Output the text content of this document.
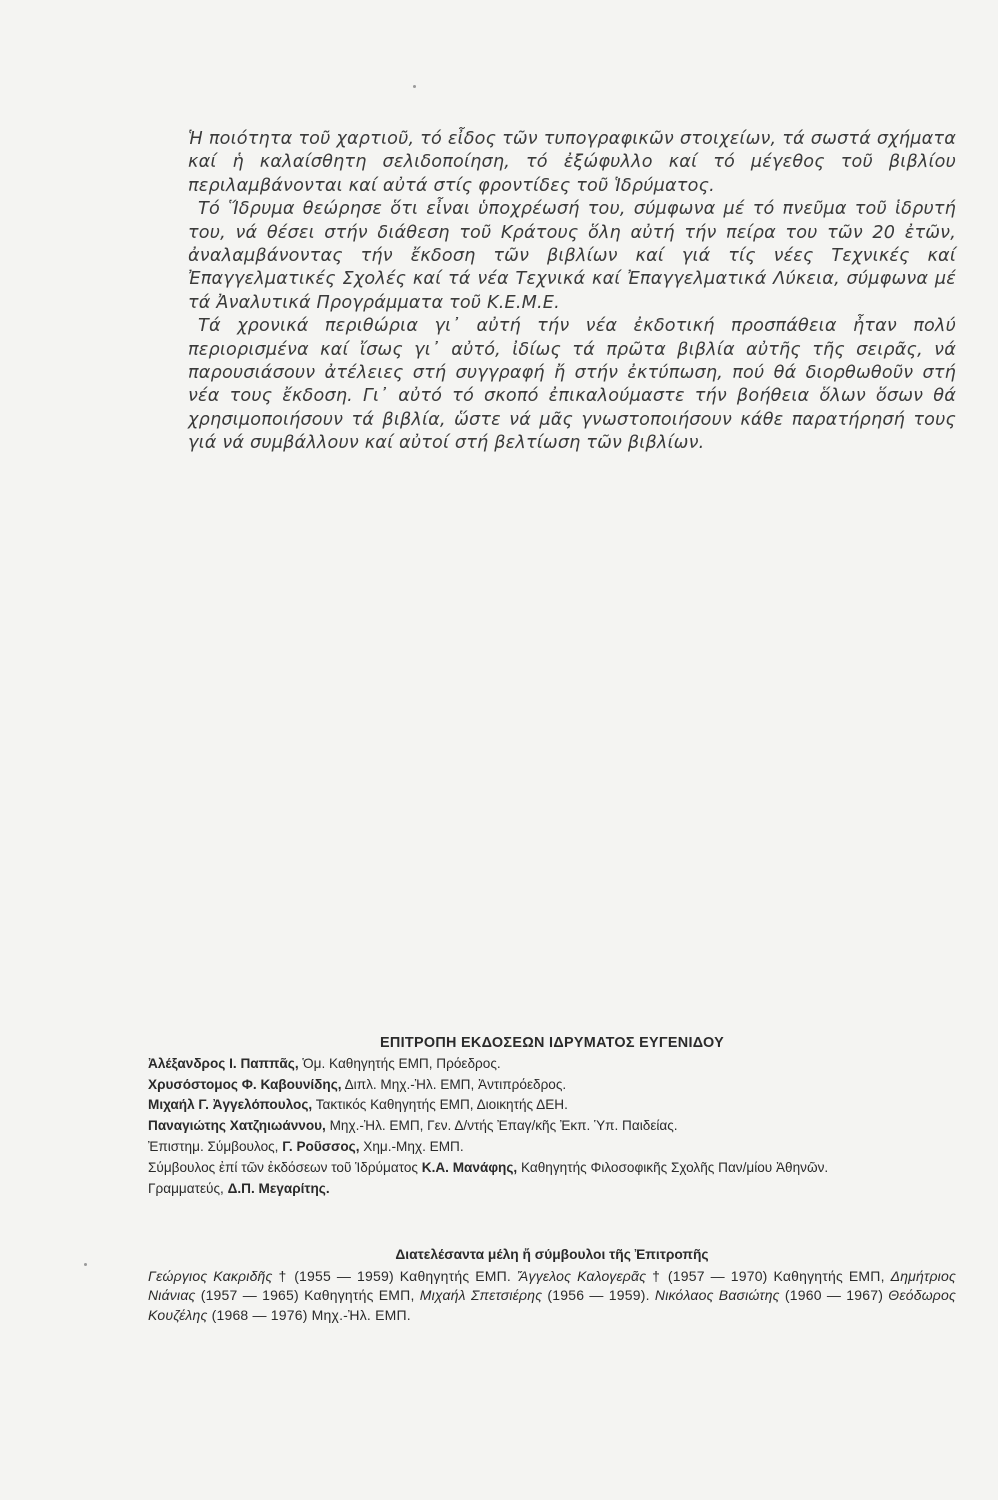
Ἡ ποιότητα τοῦ χαρτιοῦ, τό εἶδος τῶν τυπογραφικῶν στοιχείων, τά σωστά σχήματα καί ἡ καλαίσθητη σελιδοποίηση, τό ἐξώφυλλο καί τό μέγεθος τοῦ βιβλίου περιλαμβάνονται καί αὐτά στίς φροντίδες τοῦ Ἱδρύματος.

Τό Ἵδρυμα θεώρησε ὅτι εἶναι ὑποχρέωσή του, σύμφωνα μέ τό πνεῦμα τοῦ ἱδρυτή του, νά θέσει στήν διάθεση τοῦ Κράτους ὅλη αὐτή τήν πείρα του τῶν 20 ἐτῶν, ἀναλαμβάνοντας τήν ἔκδοση τῶν βιβλίων καί γιά τίς νέες Τεχνικές καί Ἐπαγγελματικές Σχολές καί τά νέα Τεχνικά καί Ἐπαγγελματικά Λύκεια, σύμφωνα μέ τά Ἀναλυτικά Προγράμματα τοῦ Κ.Ε.Μ.Ε.

Τά χρονικά περιθώρια γι᾿ αὐτή τήν νέα ἐκδοτική προσπάθεια ἦταν πολύ περιορισμένα καί ἴσως γι᾿ αὐτό, ἰδίως τά πρῶτα βιβλία αὐτῆς τῆς σειρᾶς, νά παρουσιάσουν ἀτέλειες στή συγγραφή ἤ στήν ἐκτύπωση, πού θά διορθωθοῦν στή νέα τους ἔκδοση. Γι᾿ αὐτό τό σκοπό ἐπικαλούμαστε τήν βοήθεια ὅλων ὅσων θά χρησιμοποιήσουν τά βιβλία, ὥστε νά μᾶς γνωστοποιήσουν κάθε παρατήρησή τους γιά νά συμβάλλουν καί αὐτοί στή βελτίωση τῶν βιβλίων.

ΕΠΙΤΡΟΠΗ ΕΚΔΟΣΕΩΝ ΙΔΡΥΜΑΤΟΣ ΕΥΓΕΝΙΔΟΥ

Ἀλέξανδρος Ι. Παππᾶς, Ὁμ. Καθηγητής ΕΜΠ, Πρόεδρος.

Χρυσόστομος Φ. Καβουνίδης, Διπλ. Μηχ.-Ἠλ. ΕΜΠ, Ἀντιπρόεδρος.

Μιχαήλ Γ. Ἀγγελόπουλος, Τακτικός Καθηγητής ΕΜΠ, Διοικητής ΔΕΗ.

Παναγιώτης Χατζηιωάννου, Μηχ.-Ἠλ. ΕΜΠ, Γεν. Δ/ντής Ἐπαγ/κῆς Ἐκπ. Ὑπ. Παιδείας.

Ἐπιστημ. Σύμβουλος, Γ. Ροῦσσος, Χημ.-Μηχ. ΕΜΠ.

Σύμβουλος ἐπί τῶν ἐκδόσεων τοῦ Ἱδρύματος Κ.Α. Μανάφης, Καθηγητής Φιλοσοφικῆς Σχολῆς Παν/μίου Ἀθηνῶν.

Γραμματεύς, Δ.Π. Μεγαρίτης.

Διατελέσαντα μέλη ἤ σύμβουλοι τῆς Ἐπιτροπῆς

Γεώργιος Κακριδῆς † (1955 — 1959) Καθηγητής ΕΜΠ. Ἄγγελος Καλογερᾶς † (1957 — 1970) Καθηγητής ΕΜΠ, Δημήτριος Νιάνιας (1957 — 1965) Καθηγητής ΕΜΠ, Μιχαήλ Σπετσιέρης (1956 — 1959). Νικόλαος Βασιώτης (1960 — 1967) Θεόδωρος Κουζέλης (1968 — 1976) Μηχ.-Ἠλ. ΕΜΠ.
